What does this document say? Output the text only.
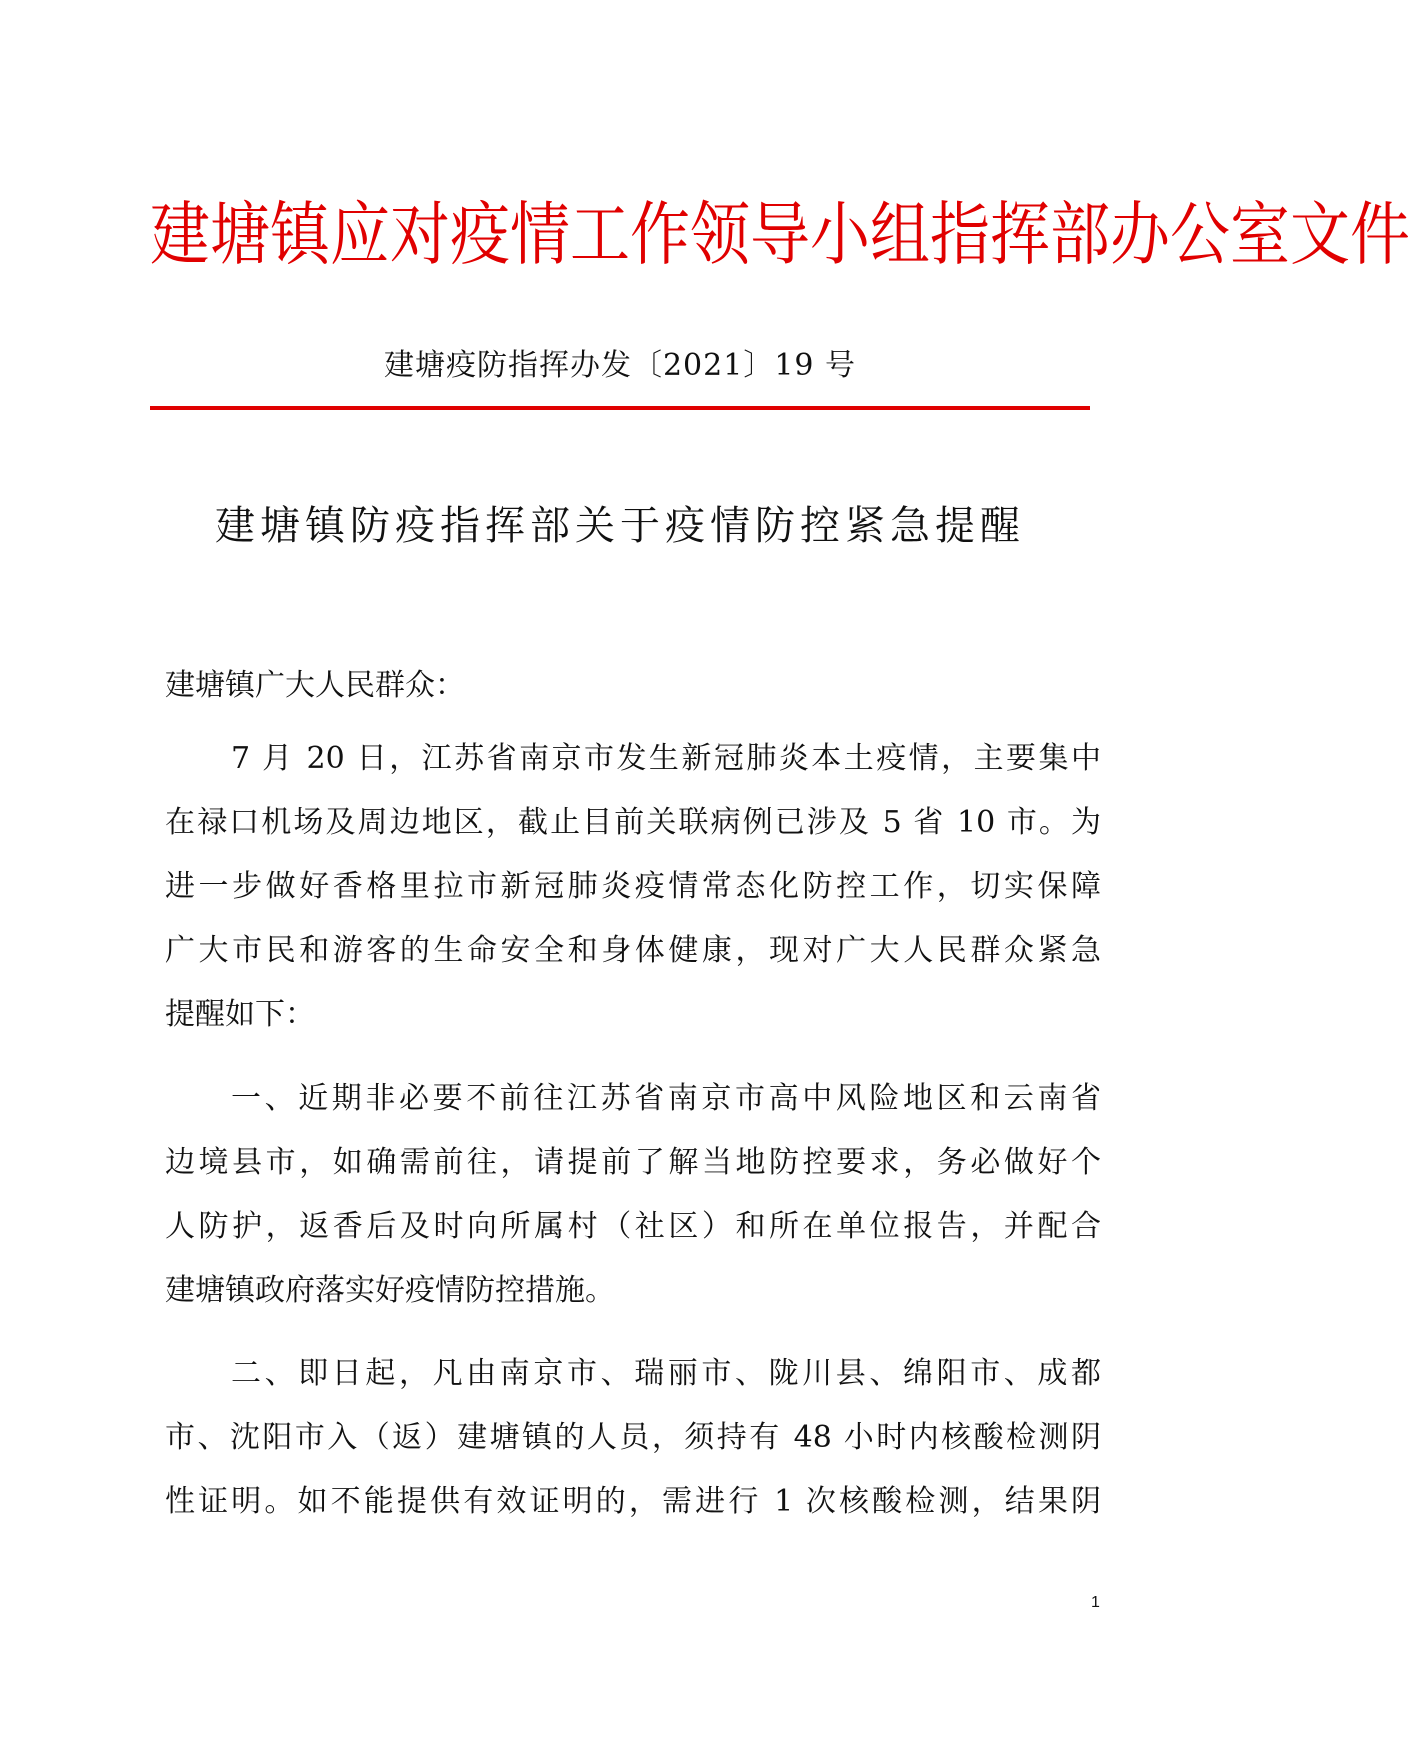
建塘镇应对疫情工作领导小组指挥部办公室文件
建塘疫防指挥办发〔2021〕19 号
建塘镇防疫指挥部关于疫情防控紧急提醒
建塘镇广大人民群众：
7 月 20 日，江苏省南京市发生新冠肺炎本土疫情，主要集中
在禄口机场及周边地区，截止目前关联病例已涉及 5 省 10 市。为
进一步做好香格里拉市新冠肺炎疫情常态化防控工作，切实保障
广大市民和游客的生命安全和身体健康，现对广大人民群众紧急
提醒如下：
一、近期非必要不前往江苏省南京市高中风险地区和云南省
边境县市，如确需前往，请提前了解当地防控要求，务必做好个
人防护，返香后及时向所属村（社区）和所在单位报告，并配合
建塘镇政府落实好疫情防控措施。
二、即日起，凡由南京市、瑞丽市、陇川县、绵阳市、成都
市、沈阳市入（返）建塘镇的人员，须持有 48 小时内核酸检测阴
性证明。如不能提供有效证明的，需进行 1 次核酸检测，结果阴
1
